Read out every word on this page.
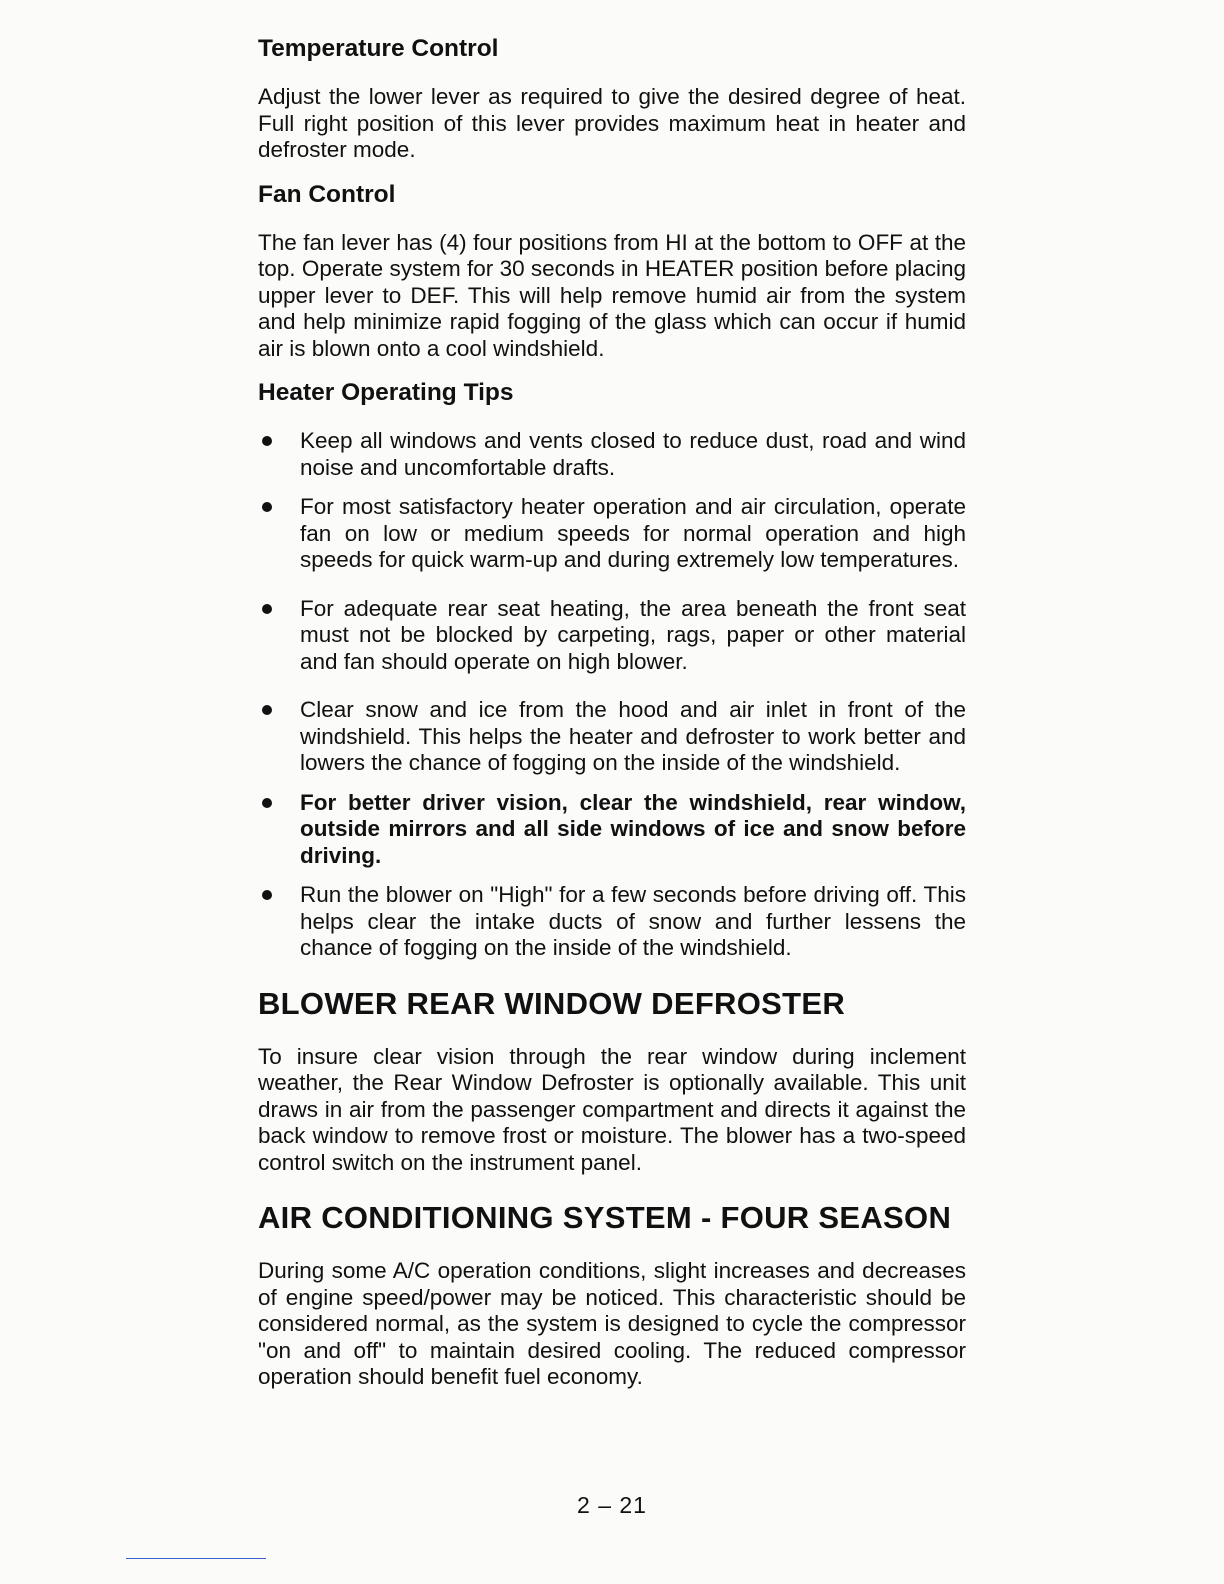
Temperature Control

Adjust the lower lever as required to give the desired degree of heat. Full right position of this lever provides maximum heat in heater and defroster mode.

Fan Control

The fan lever has (4) four positions from HI at the bottom to OFF at the top. Operate system for 30 seconds in HEATER position before placing upper lever to DEF. This will help remove humid air from the system and help minimize rapid fogging of the glass which can occur if humid air is blown onto a cool windshield.

Heater Operating Tips
Keep all windows and vents closed to reduce dust, road and wind noise and uncomfortable drafts.
For most satisfactory heater operation and air circulation, operate fan on low or medium speeds for normal operation and high speeds for quick warm-up and during extremely low temperatures.
For adequate rear seat heating, the area beneath the front seat must not be blocked by carpeting, rags, paper or other material and fan should operate on high blower.
Clear snow and ice from the hood and air inlet in front of the windshield. This helps the heater and defroster to work better and lowers the chance of fogging on the inside of the windshield.
For better driver vision, clear the windshield, rear window, outside mirrors and all side windows of ice and snow before driving.
Run the blower on "High" for a few seconds before driving off. This helps clear the intake ducts of snow and further lessens the chance of fogging on the inside of the windshield.
BLOWER REAR WINDOW DEFROSTER

To insure clear vision through the rear window during inclement weather, the Rear Window Defroster is optionally available. This unit draws in air from the passenger compartment and directs it against the back window to remove frost or moisture. The blower has a two-speed control switch on the instrument panel.

AIR CONDITIONING SYSTEM - FOUR SEASON

During some A/C operation conditions, slight increases and decreases of engine speed/power may be noticed. This characteristic should be considered normal, as the system is designed to cycle the compressor "on and off" to maintain desired cooling. The reduced compressor operation should benefit fuel economy.

2 – 21
